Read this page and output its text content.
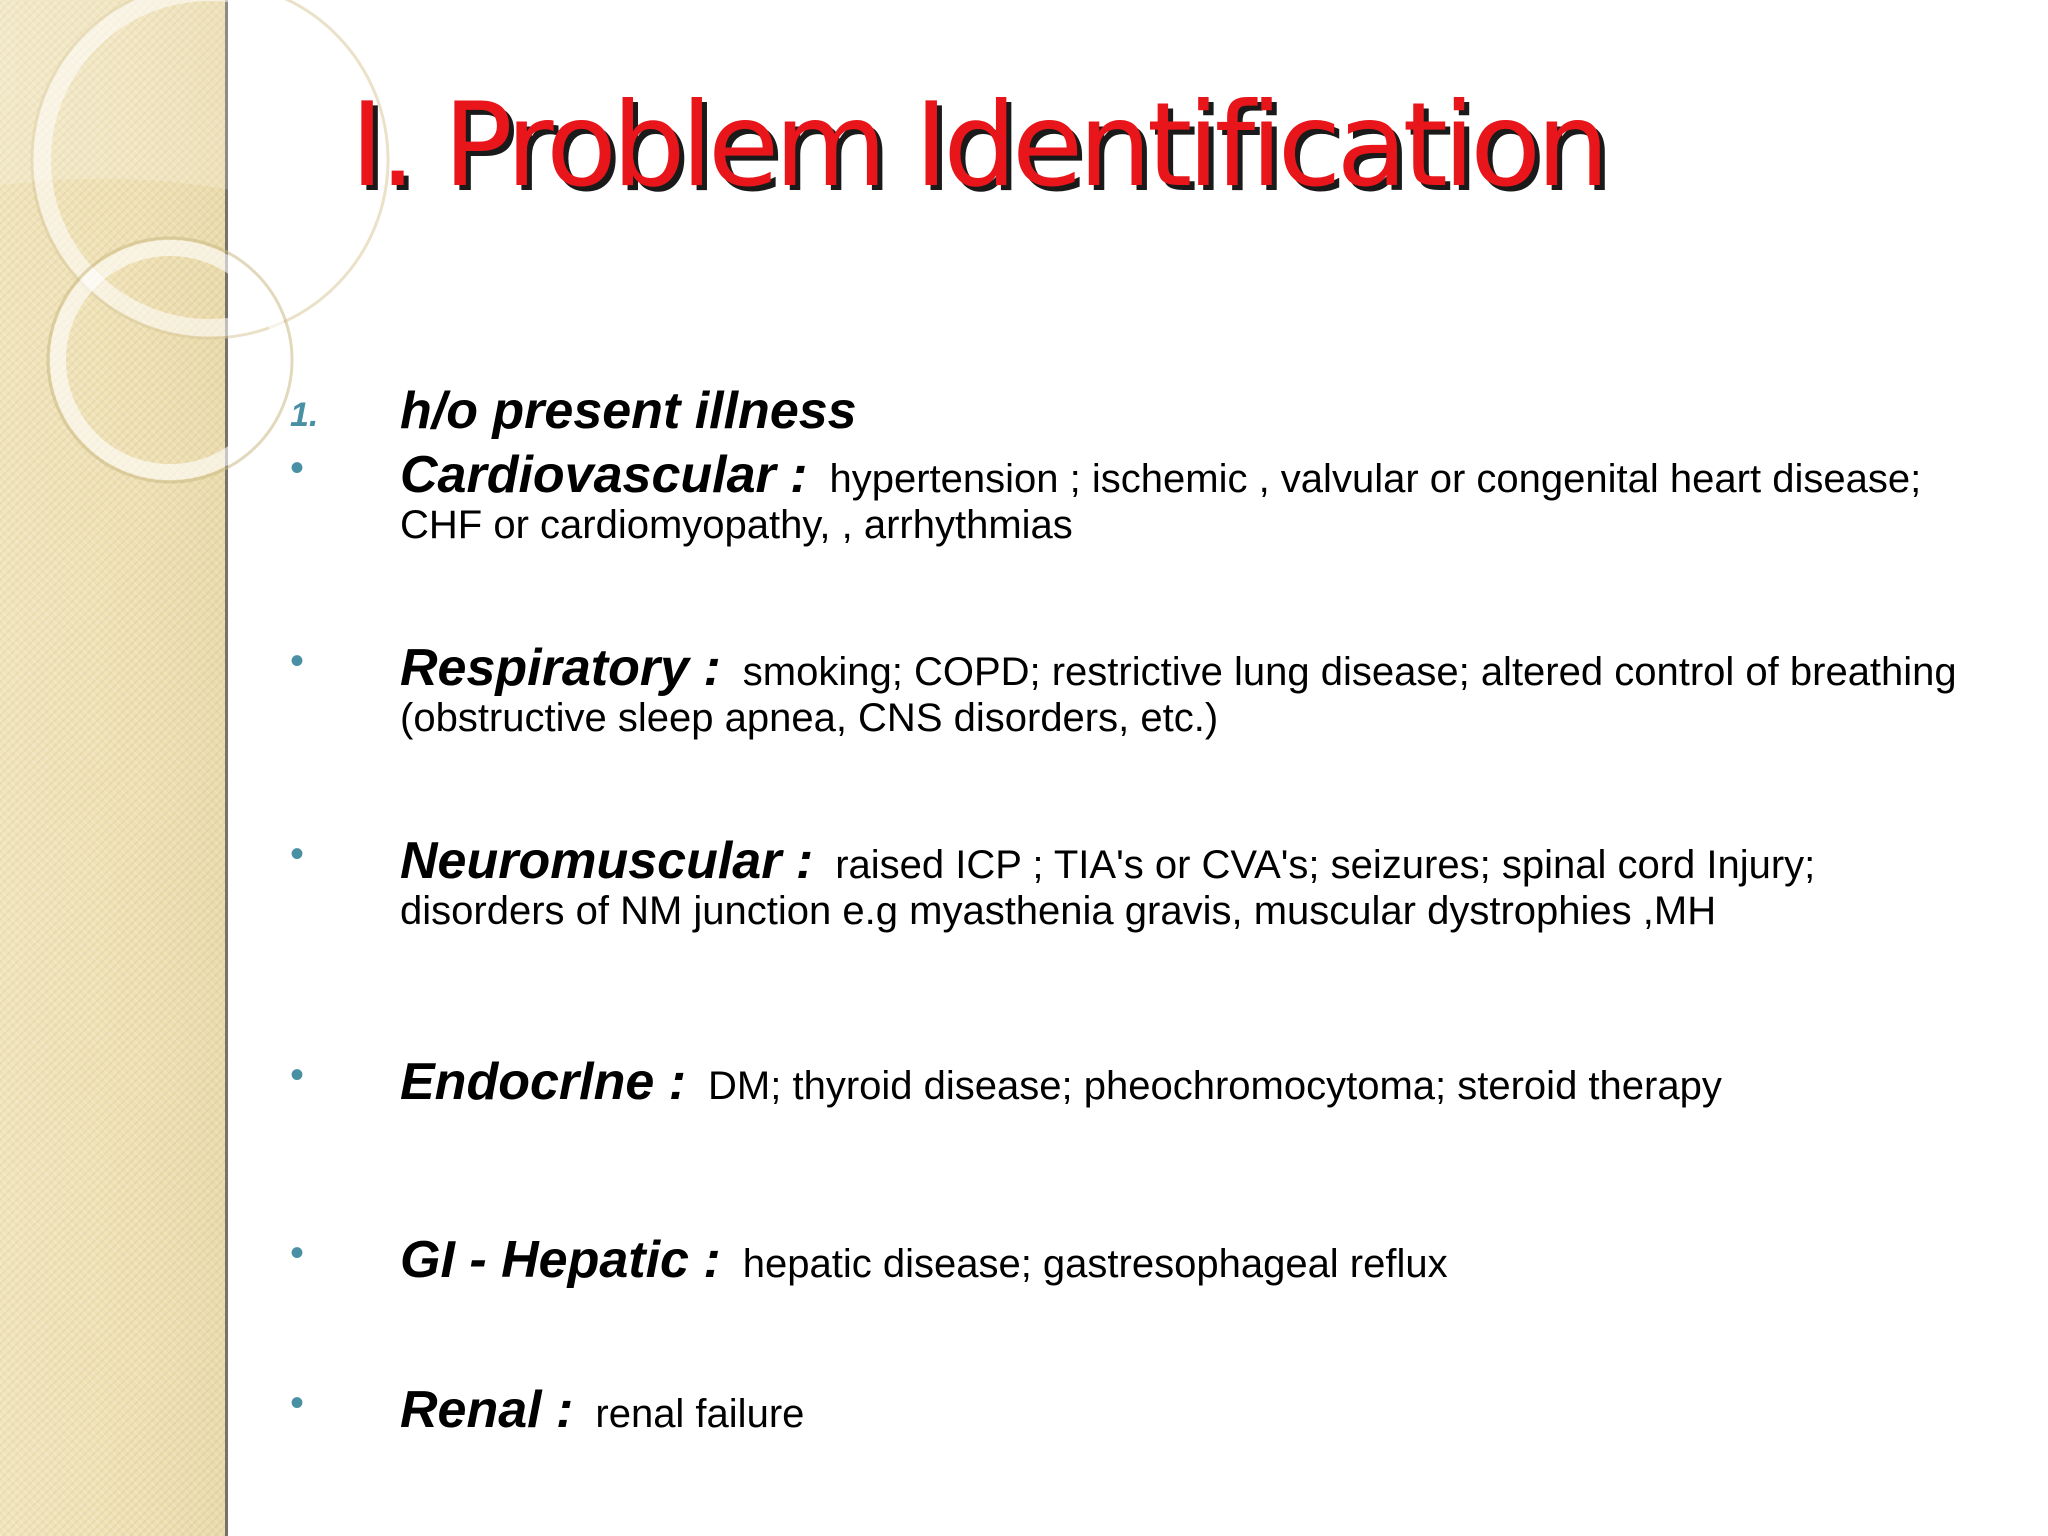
I. Problem Identification
1. h/o present illness
• Cardiovascular : hypertension ; ischemic , valvular or congenital heart disease; CHF or cardiomyopathy, , arrhythmias
• Respiratory : smoking; COPD; restrictive lung disease; altered control of breathing (obstructive sleep apnea, CNS disorders, etc.)
• Neuromuscular : raised ICP ; TIA's or CVA's; seizures; spinal cord Injury; disorders of NM junction e.g myasthenia gravis, muscular dystrophies ,MH
• Endocrlne : DM; thyroid disease; pheochromocytoma; steroid therapy
• GI - Hepatic : hepatic disease; gastresophageal reflux
• Renal : renal failure
